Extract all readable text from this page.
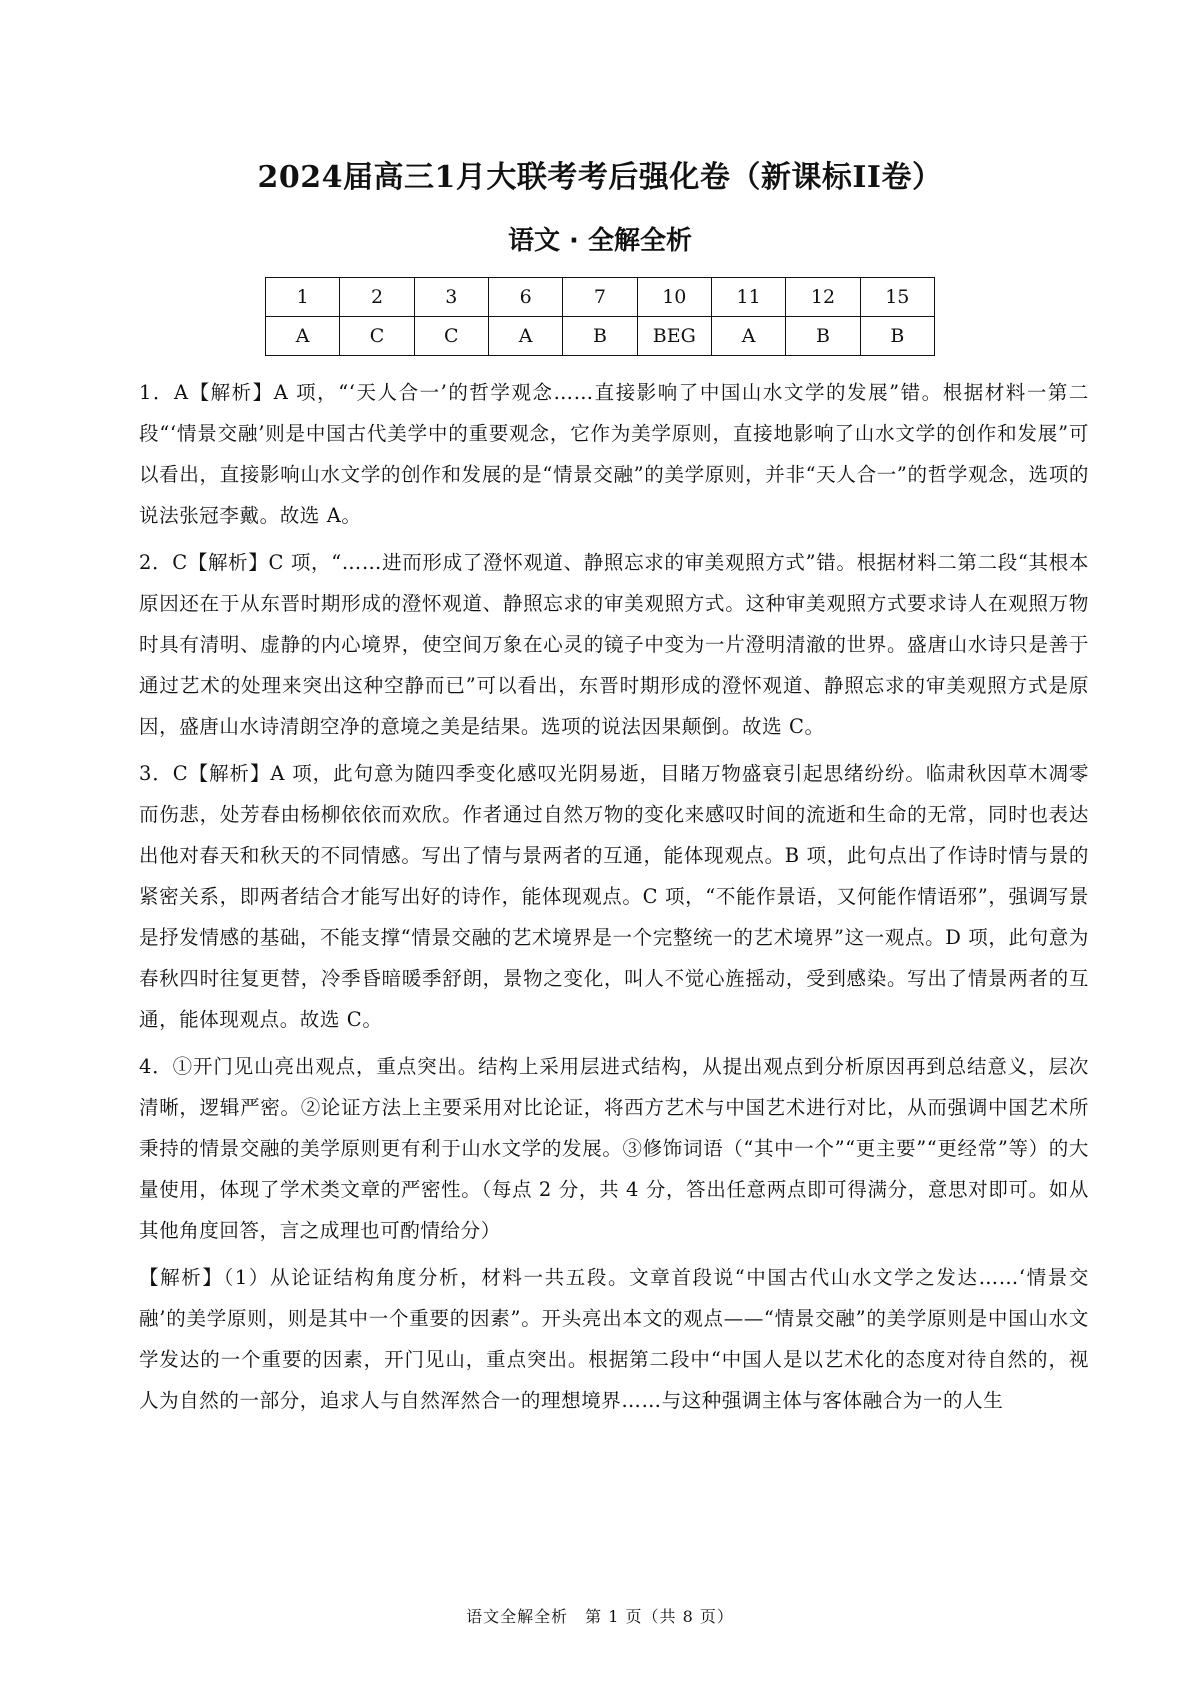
2024届高三1月大联考考后强化卷（新课标II卷）
语文 · 全解全析
1	2	3	6	7	10	11	12	15
A	C	C	A	B	BEG	A	B	B

1．A【解析】A 项，“‘天人合一’的哲学观念……直接影响了中国山水文学的发展”错。根据材料一第二段“‘情景交融’则是中国古代美学中的重要观念，它作为美学原则，直接地影响了山水文学的创作和发展”可以看出，直接影响山水文学的创作和发展的是“情景交融”的美学原则，并非“天人合一”的哲学观念，选项的说法张冠李戴。故选 A。

2．C【解析】C 项，“……进而形成了澄怀观道、静照忘求的审美观照方式”错。根据材料二第二段“其根本原因还在于从东晋时期形成的澄怀观道、静照忘求的审美观照方式。这种审美观照方式要求诗人在观照万物时具有清明、虚静的内心境界，使空间万象在心灵的镜子中变为一片澄明清澈的世界。盛唐山水诗只是善于通过艺术的处理来突出这种空静而已”可以看出，东晋时期形成的澄怀观道、静照忘求的审美观照方式是原因，盛唐山水诗清朗空净的意境之美是结果。选项的说法因果颠倒。故选 C。

3．C【解析】A 项，此句意为随四季变化感叹光阴易逝，目睹万物盛衰引起思绪纷纷。临肃秋因草木凋零而伤悲，处芳春由杨柳依依而欢欣。作者通过自然万物的变化来感叹时间的流逝和生命的无常，同时也表达出他对春天和秋天的不同情感。写出了情与景两者的互通，能体现观点。B 项，此句点出了作诗时情与景的紧密关系，即两者结合才能写出好的诗作，能体现观点。C 项，“不能作景语，又何能作情语邪”，强调写景是抒发情感的基础，不能支撑“情景交融的艺术境界是一个完整统一的艺术境界”这一观点。D 项，此句意为春秋四时往复更替，冷季昏暗暖季舒朗，景物之变化，叫人不觉心旌摇动，受到感染。写出了情景两者的互通，能体现观点。故选 C。

4．①开门见山亮出观点，重点突出。结构上采用层进式结构，从提出观点到分析原因再到总结意义，层次清晰，逻辑严密。②论证方法上主要采用对比论证，将西方艺术与中国艺术进行对比，从而强调中国艺术所秉持的情景交融的美学原则更有利于山水文学的发展。③修饰词语（“其中一个”“更主要”“更经常”等）的大量使用，体现了学术类文章的严密性。（每点 2 分，共 4 分，答出任意两点即可得满分，意思对即可。如从其他角度回答，言之成理也可酌情给分）

【解析】（1）从论证结构角度分析，材料一共五段。文章首段说“中国古代山水文学之发达……‘情景交融’的美学原则，则是其中一个重要的因素”。开头亮出本文的观点——“情景交融”的美学原则是中国山水文学发达的一个重要的因素，开门见山，重点突出。根据第二段中“中国人是以艺术化的态度对待自然的，视人为自然的一部分，追求人与自然浑然合一的理想境界……与这种强调主体与客体融合为一的人生

语文全解全析　第 1 页（共 8 页）
